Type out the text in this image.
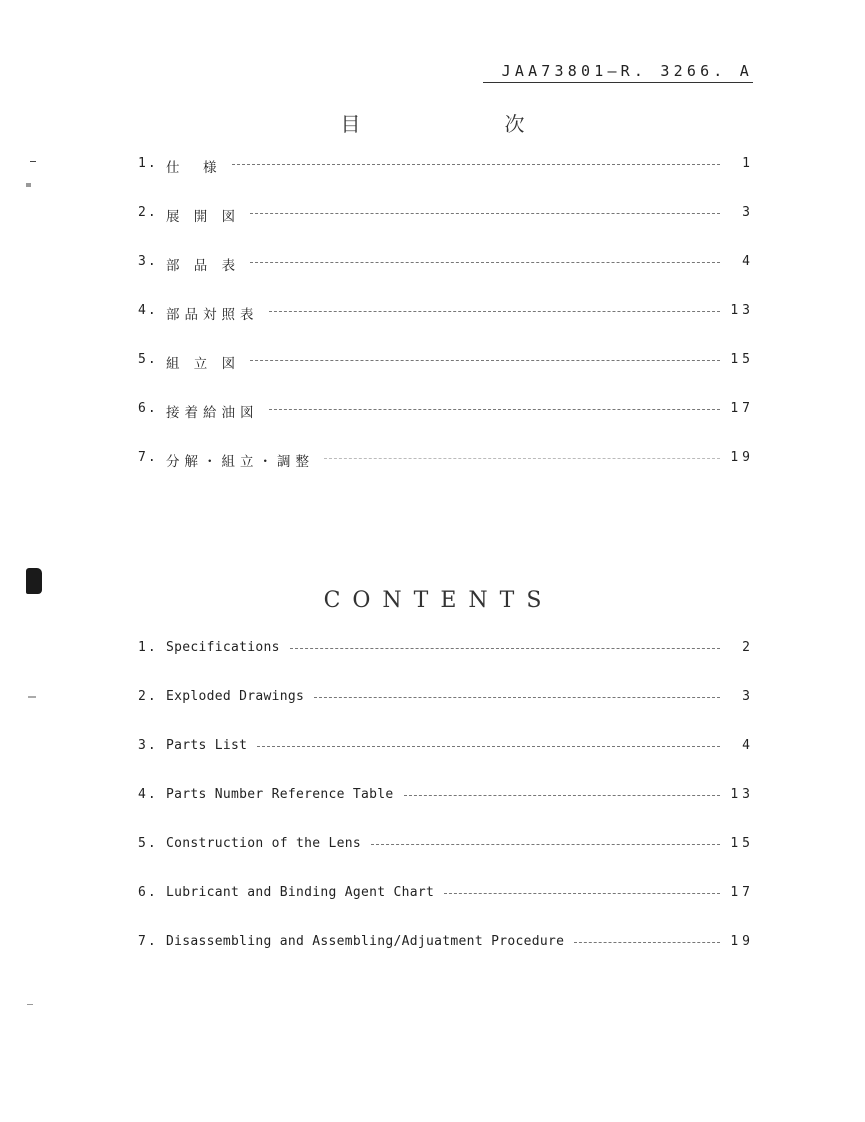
JAA73801—R. 3266. A
目　次
1. 仕　様	1
2. 展 開 図	3
3. 部 品 表	4
4. 部品対照表	13
5. 組 立 図	15
6. 接着給油図	17
7. 分解・組立・調整	19
CONTENTS
1. Specifications	2
2. Exploded Drawings	3
3. Parts List	4
4. Parts Number Reference Table	13
5. Construction of the Lens	15
6. Lubricant and Binding Agent Chart	17
7. Disassembling and Assembling/Adjuatment Procedure	19
